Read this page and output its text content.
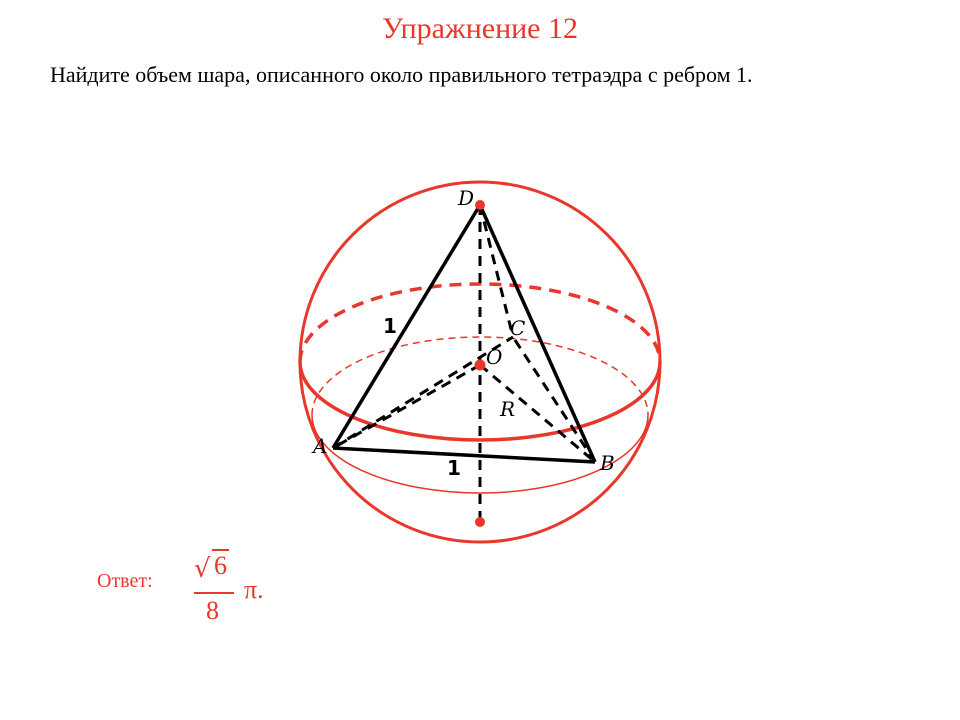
Упражнение 12
Найдите объем шара, описанного около правильного тетраэдра с ребром 1.
D
A
B
C
O
R
1
1
Ответ: √ 6
8
π.
